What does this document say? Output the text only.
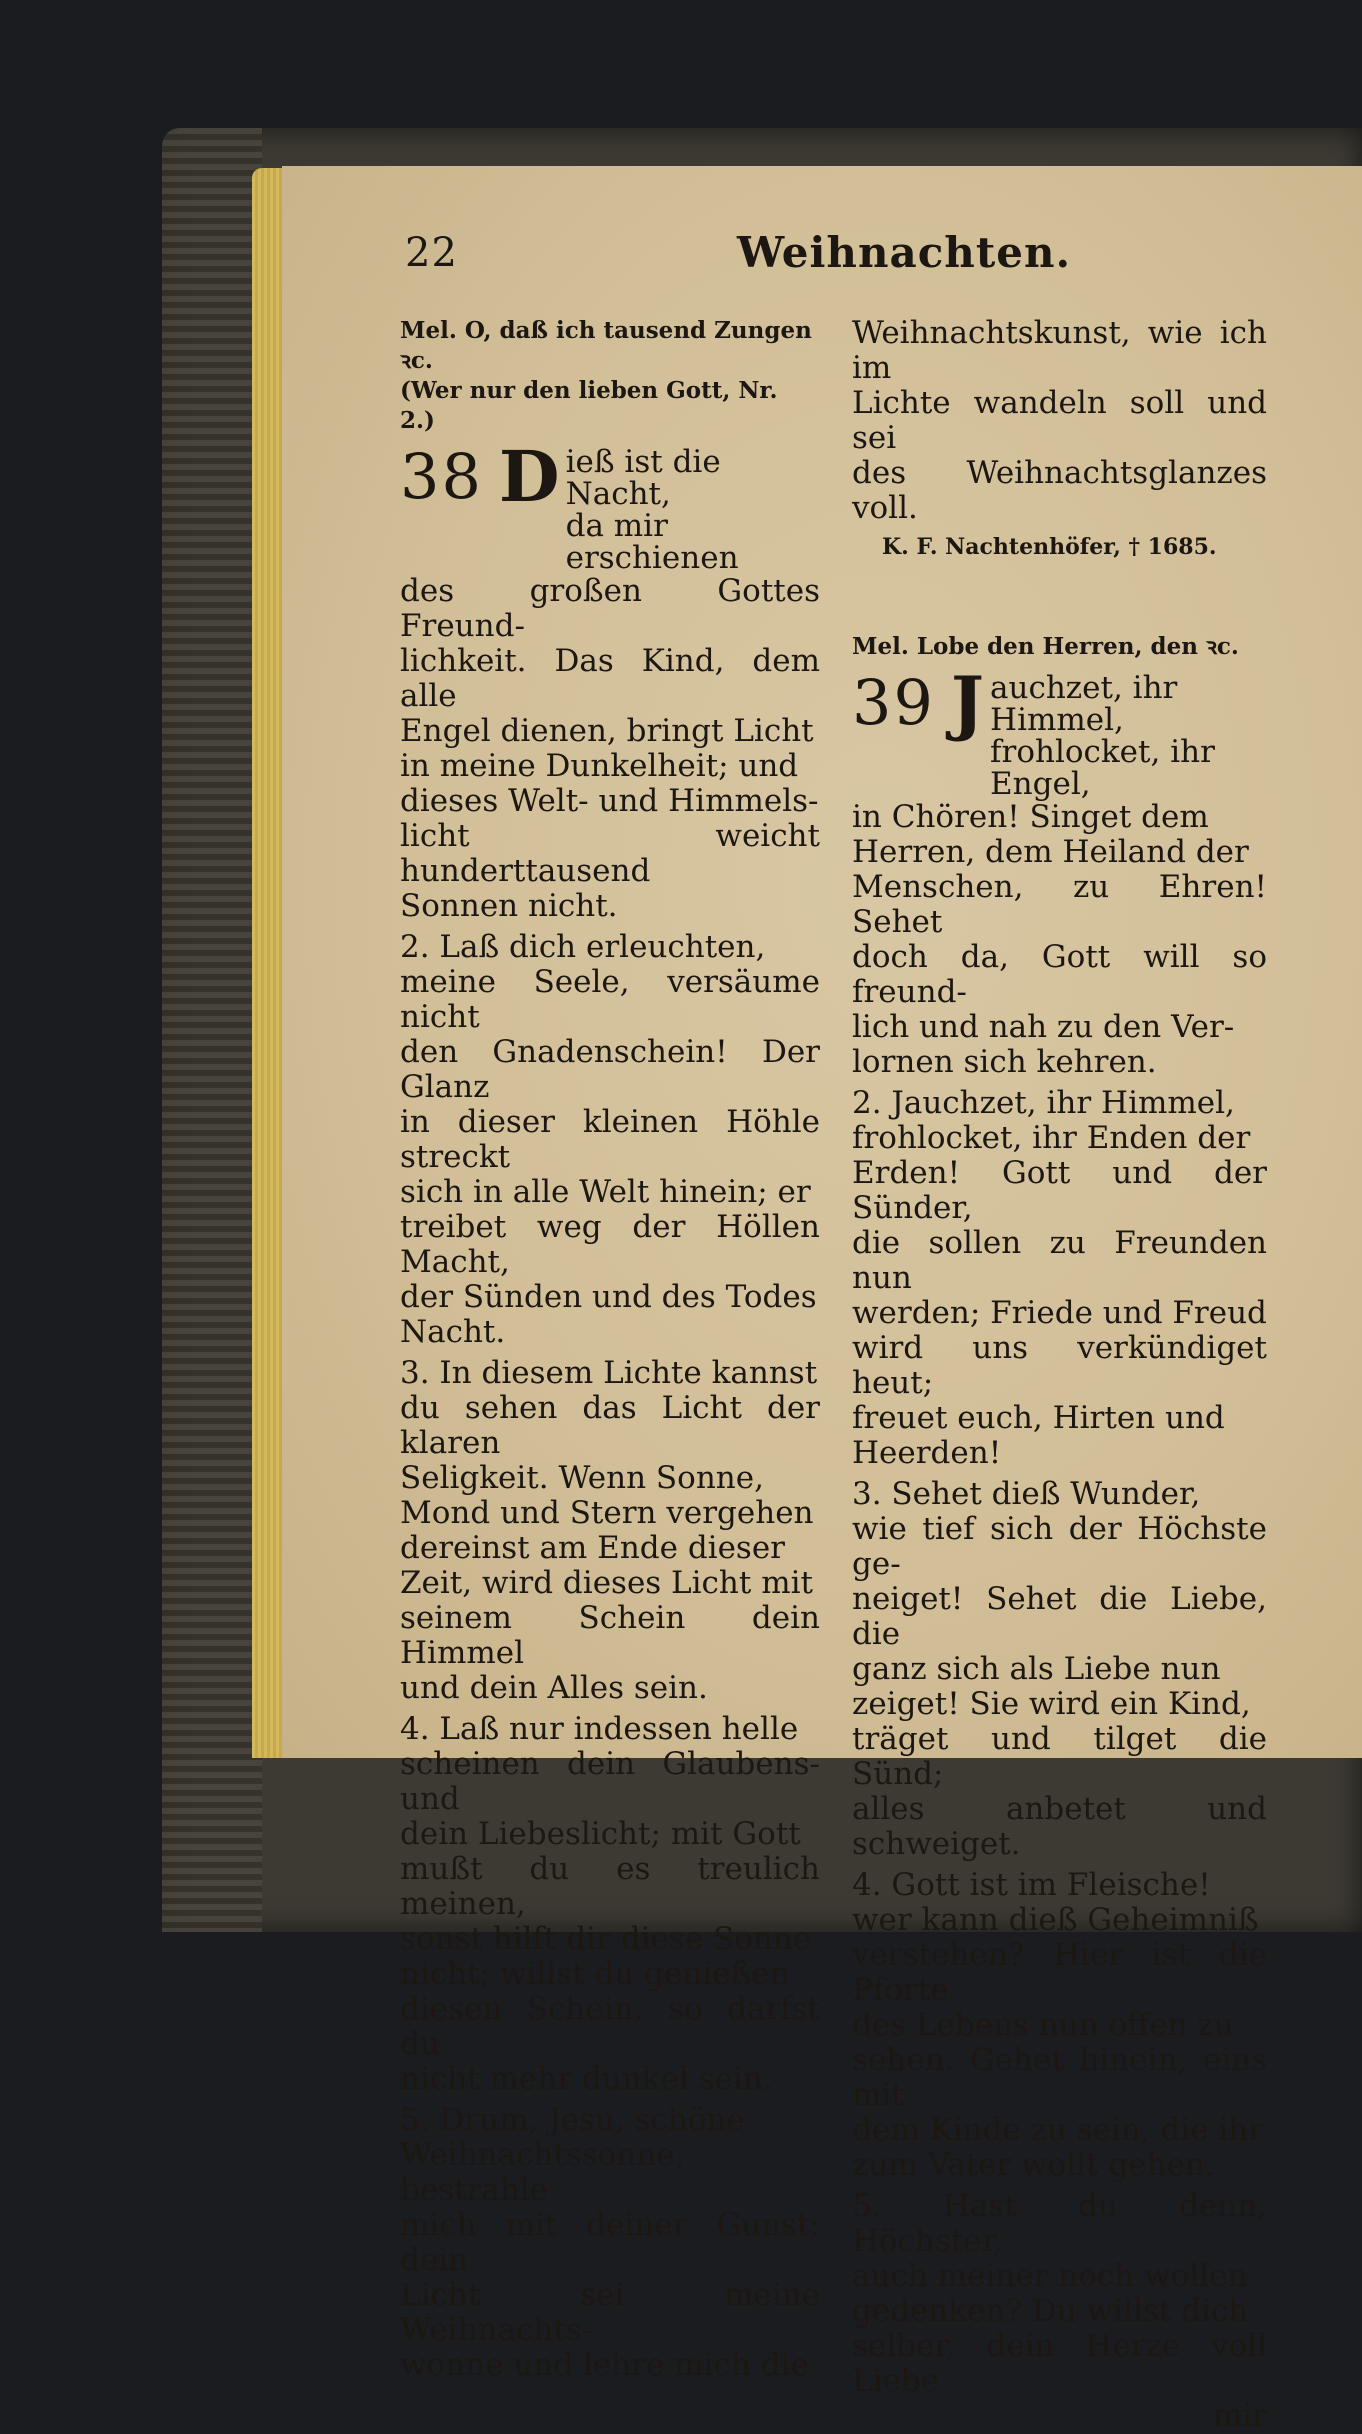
22	Weihnachten.

Mel. O, daß ich tausend Zungen ꝛc.
(Wer nur den lieben Gott, Nr. 2.)

38 D ieß ist die Nacht,
da mir erschienen

des großen Gottes Freund-
lichkeit. Das Kind, dem alle
Engel dienen, bringt Licht
in meine Dunkelheit; und
dieses Welt- und Himmels-
licht weicht hunderttausend
Sonnen nicht.

2. Laß dich erleuchten,
meine Seele, versäume nicht
den Gnadenschein! Der Glanz
in dieser kleinen Höhle streckt
sich in alle Welt hinein; er
treibet weg der Höllen Macht,
der Sünden und des Todes
Nacht.

3. In diesem Lichte kannst
du sehen das Licht der klaren
Seligkeit. Wenn Sonne,
Mond und Stern vergehen
dereinst am Ende dieser
Zeit, wird dieses Licht mit
seinem Schein dein Himmel
und dein Alles sein.

4. Laß nur indessen helle
scheinen dein Glaubens- und
dein Liebeslicht; mit Gott
mußt du es treulich meinen,
sonst hilft dir diese Sonne
nicht; willst du genießen
diesen Schein, so darfst du
nicht mehr dunkel sein.

5. Drum, Jesu, schöne
Weihnachtssonne, bestrahle
mich mit deiner Gunst; dein
Licht sei meine Weihnachts-
wonne und lehre mich die

Weihnachtskunst, wie ich im
Lichte wandeln soll und sei
des Weihnachtsglanzes voll.

K. F. Nachtenhöfer, † 1685.

Mel. Lobe den Herren, den ꝛc.

39 J auchzet, ihr Himmel,
frohlocket, ihr Engel,

in Chören! Singet dem
Herren, dem Heiland der
Menschen, zu Ehren! Sehet
doch da, Gott will so freund-
lich und nah zu den Ver-
lornen sich kehren.

2. Jauchzet, ihr Himmel,
frohlocket, ihr Enden der
Erden! Gott und der Sünder,
die sollen zu Freunden nun
werden; Friede und Freud
wird uns verkündiget heut;
freuet euch, Hirten und
Heerden!

3. Sehet dieß Wunder,
wie tief sich der Höchste ge-
neiget! Sehet die Liebe, die
ganz sich als Liebe nun
zeiget! Sie wird ein Kind,
träget und tilget die Sünd;
alles anbetet und schweiget.

4. Gott ist im Fleische!
wer kann dieß Geheimniß
verstehen? Hier ist die Pforte
des Lebens nun offen zu
sehen. Gehet hinein, eins mit
dem Kinde zu sein, die ihr
zum Vater wollt gehen.

5. Hast du denn, Höchster,
auch meiner noch wollen
gedenken? Du willst dich
selber, dein Herze voll Liebe

mir
